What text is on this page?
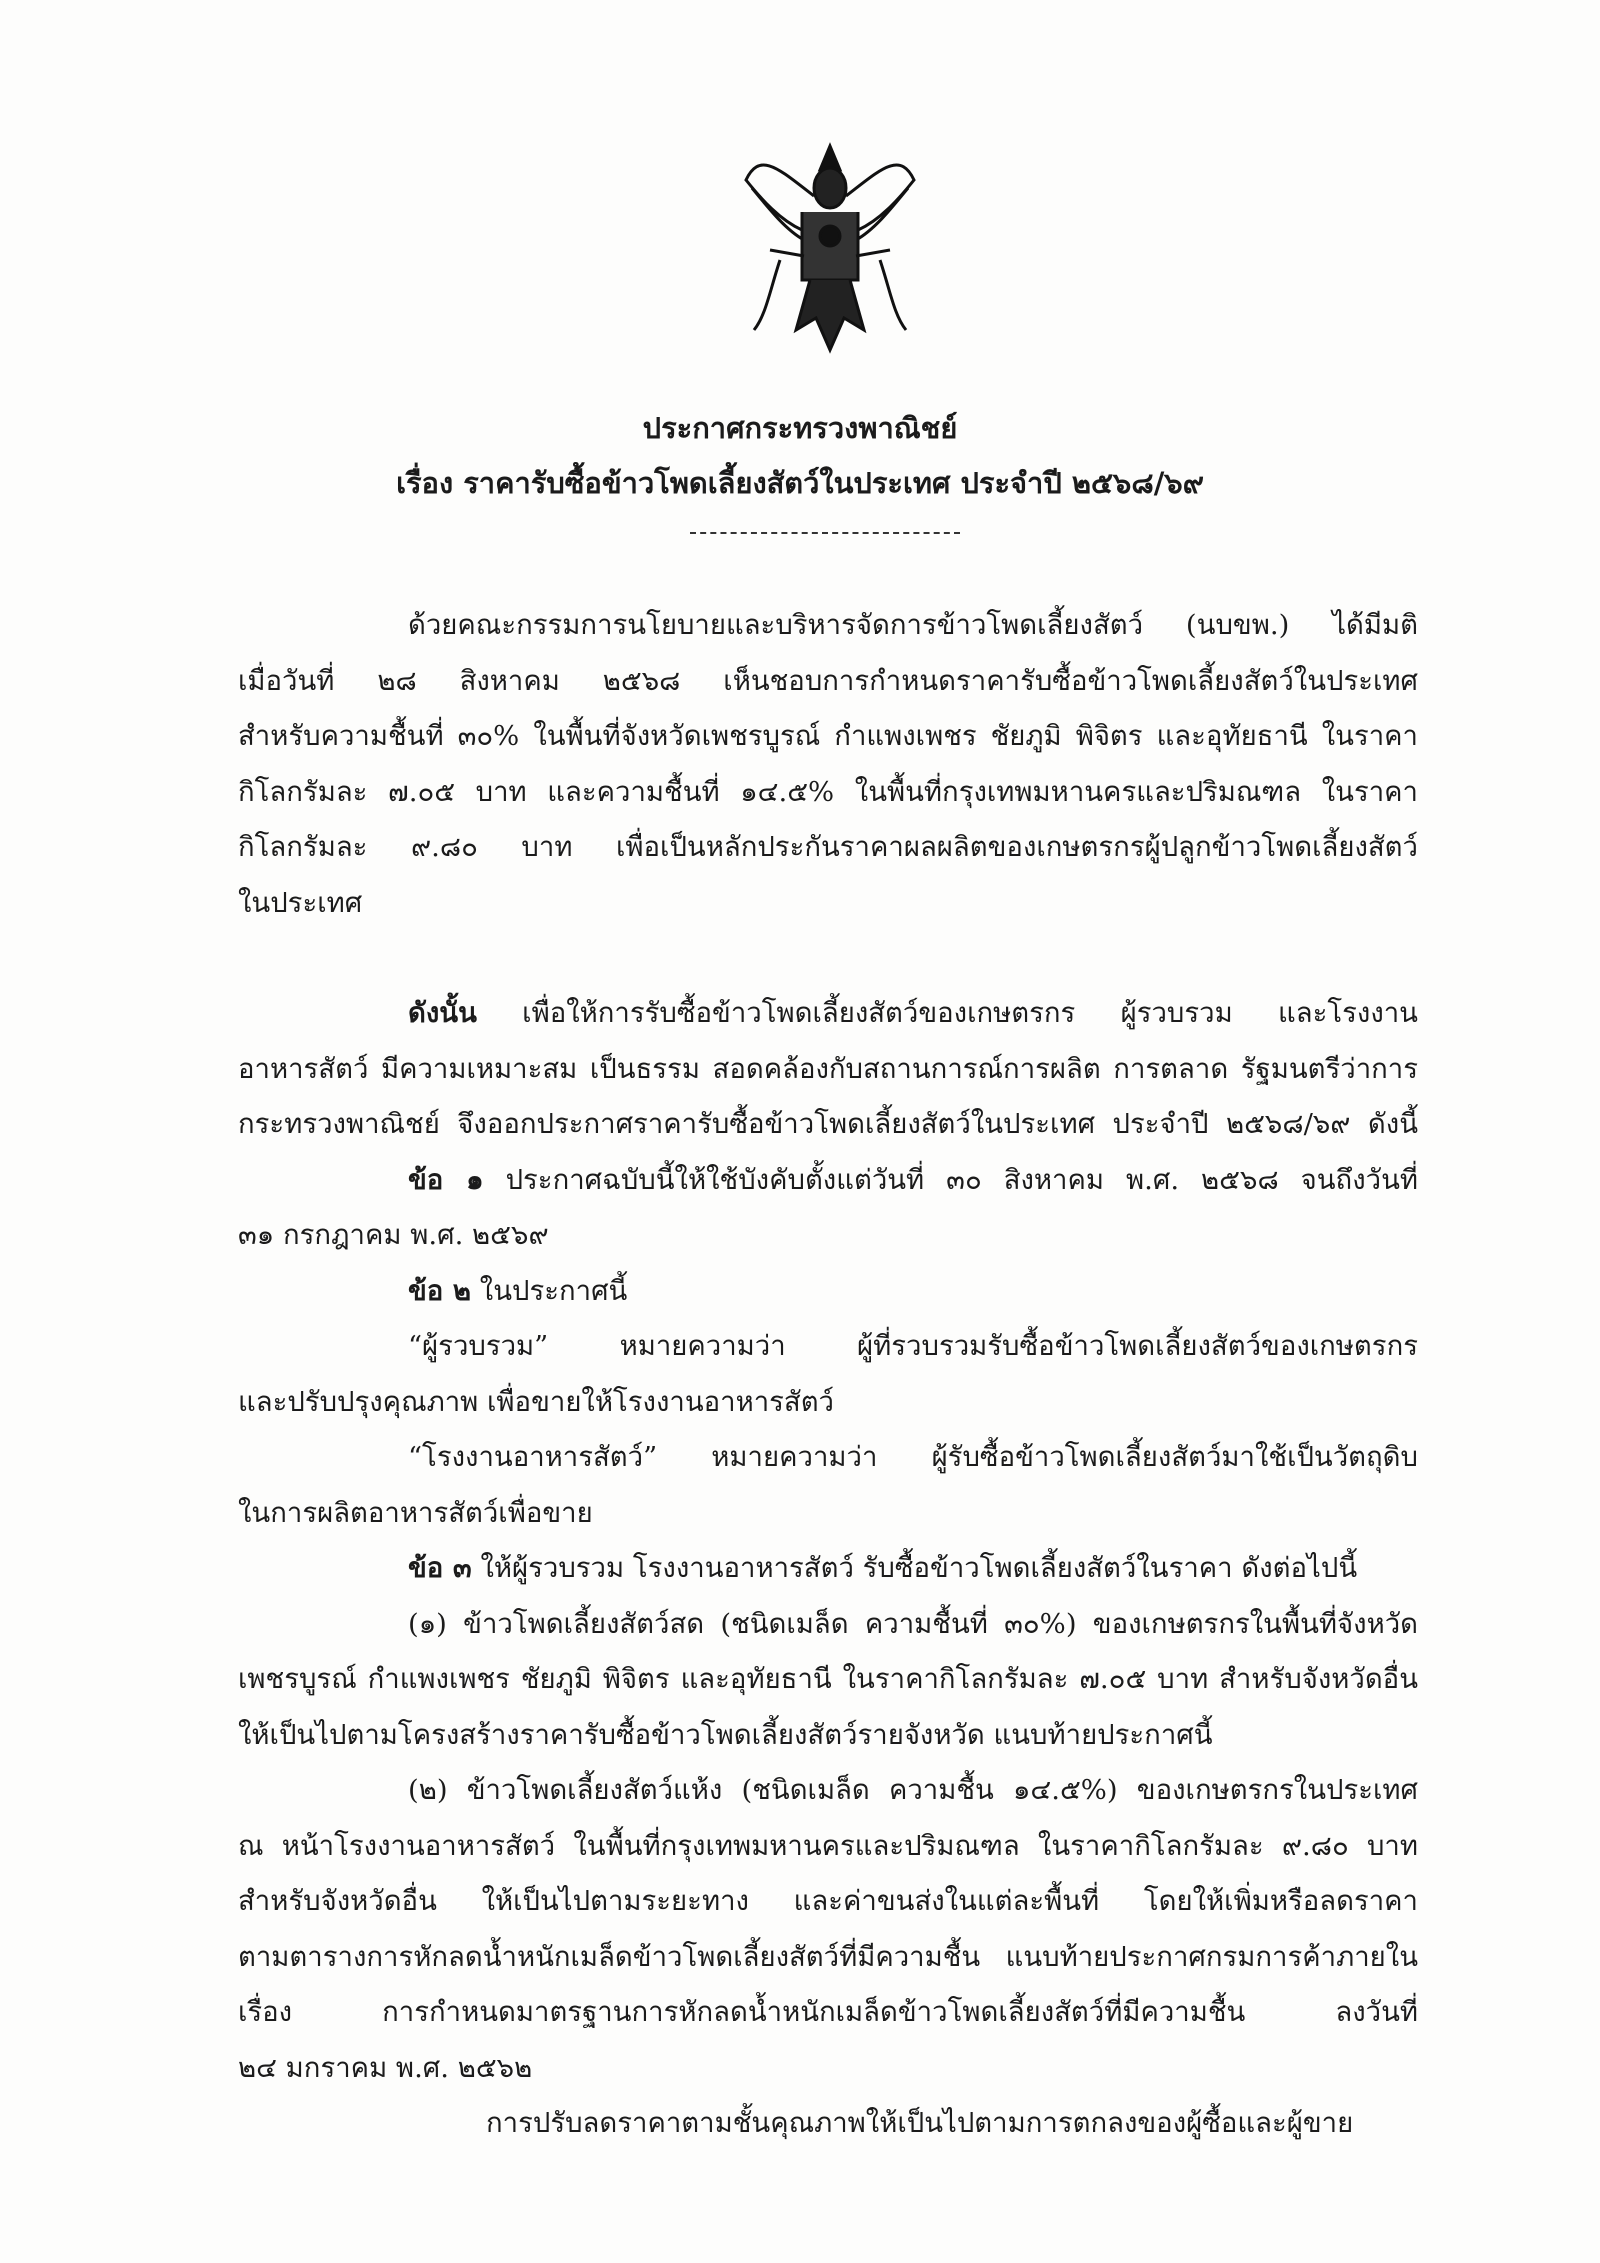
ประกาศกระทรวงพาณิชย์
เรื่อง ราคารับซื้อข้าวโพดเลี้ยงสัตว์ในประเทศ ประจำปี ๒๕๖๘/๖๙

ด้วยคณะกรรมการนโยบายและบริหารจัดการข้าวโพดเลี้ยงสัตว์ (นบขพ.) ได้มีมติ

เมื่อวันที่ ๒๘ สิงหาคม ๒๕๖๘ เห็นชอบการกำหนดราคารับซื้อข้าวโพดเลี้ยงสัตว์ในประเทศ

สำหรับความชื้นที่ ๓๐% ในพื้นที่จังหวัดเพชรบูรณ์ กำแพงเพชร ชัยภูมิ พิจิตร และอุทัยธานี ในราคา

กิโลกรัมละ ๗.๐๕ บาท และความชื้นที่ ๑๔.๕% ในพื้นที่กรุงเทพมหานครและปริมณฑล ในราคา

กิโลกรัมละ ๙.๘๐ บาท เพื่อเป็นหลักประกันราคาผลผลิตของเกษตรกรผู้ปลูกข้าวโพดเลี้ยงสัตว์

ในประเทศ

ดังนั้น เพื่อให้การรับซื้อข้าวโพดเลี้ยงสัตว์ของเกษตรกร ผู้รวบรวม และโรงงาน

อาหารสัตว์ มีความเหมาะสม เป็นธรรม สอดคล้องกับสถานการณ์การผลิต การตลาด รัฐมนตรีว่าการ

กระทรวงพาณิชย์ จึงออกประกาศราคารับซื้อข้าวโพดเลี้ยงสัตว์ในประเทศ ประจำปี ๒๕๖๘/๖๙ ดังนี้

ข้อ ๑ ประกาศฉบับนี้ให้ใช้บังคับตั้งแต่วันที่ ๓๐ สิงหาคม พ.ศ. ๒๕๖๘ จนถึงวันที่

๓๑ กรกฎาคม พ.ศ. ๒๕๖๙

ข้อ ๒ ในประกาศนี้

“ผู้รวบรวม” หมายความว่า ผู้ที่รวบรวมรับซื้อข้าวโพดเลี้ยงสัตว์ของเกษตรกร

และปรับปรุงคุณภาพ เพื่อขายให้โรงงานอาหารสัตว์

“โรงงานอาหารสัตว์” หมายความว่า ผู้รับซื้อข้าวโพดเลี้ยงสัตว์มาใช้เป็นวัตถุดิบ

ในการผลิตอาหารสัตว์เพื่อขาย

ข้อ ๓ ให้ผู้รวบรวม โรงงานอาหารสัตว์ รับซื้อข้าวโพดเลี้ยงสัตว์ในราคา ดังต่อไปนี้

(๑) ข้าวโพดเลี้ยงสัตว์สด (ชนิดเมล็ด ความชื้นที่ ๓๐%) ของเกษตรกรในพื้นที่จังหวัด

เพชรบูรณ์ กำแพงเพชร ชัยภูมิ พิจิตร และอุทัยธานี ในราคากิโลกรัมละ ๗.๐๕ บาท สำหรับจังหวัดอื่น

ให้เป็นไปตามโครงสร้างราคารับซื้อข้าวโพดเลี้ยงสัตว์รายจังหวัด แนบท้ายประกาศนี้

(๒) ข้าวโพดเลี้ยงสัตว์แห้ง (ชนิดเมล็ด ความชื้น ๑๔.๕%) ของเกษตรกรในประเทศ

ณ หน้าโรงงานอาหารสัตว์ ในพื้นที่กรุงเทพมหานครและปริมณฑล ในราคากิโลกรัมละ ๙.๘๐ บาท

สำหรับจังหวัดอื่น ให้เป็นไปตามระยะทาง และค่าขนส่งในแต่ละพื้นที่ โดยให้เพิ่มหรือลดราคา

ตามตารางการหักลดน้ำหนักเมล็ดข้าวโพดเลี้ยงสัตว์ที่มีความชื้น แนบท้ายประกาศกรมการค้าภายใน

เรื่อง การกำหนดมาตรฐานการหักลดน้ำหนักเมล็ดข้าวโพดเลี้ยงสัตว์ที่มีความชื้น ลงวันที่

๒๔ มกราคม พ.ศ. ๒๕๖๒

การปรับลดราคาตามชั้นคุณภาพให้เป็นไปตามการตกลงของผู้ซื้อและผู้ขาย
